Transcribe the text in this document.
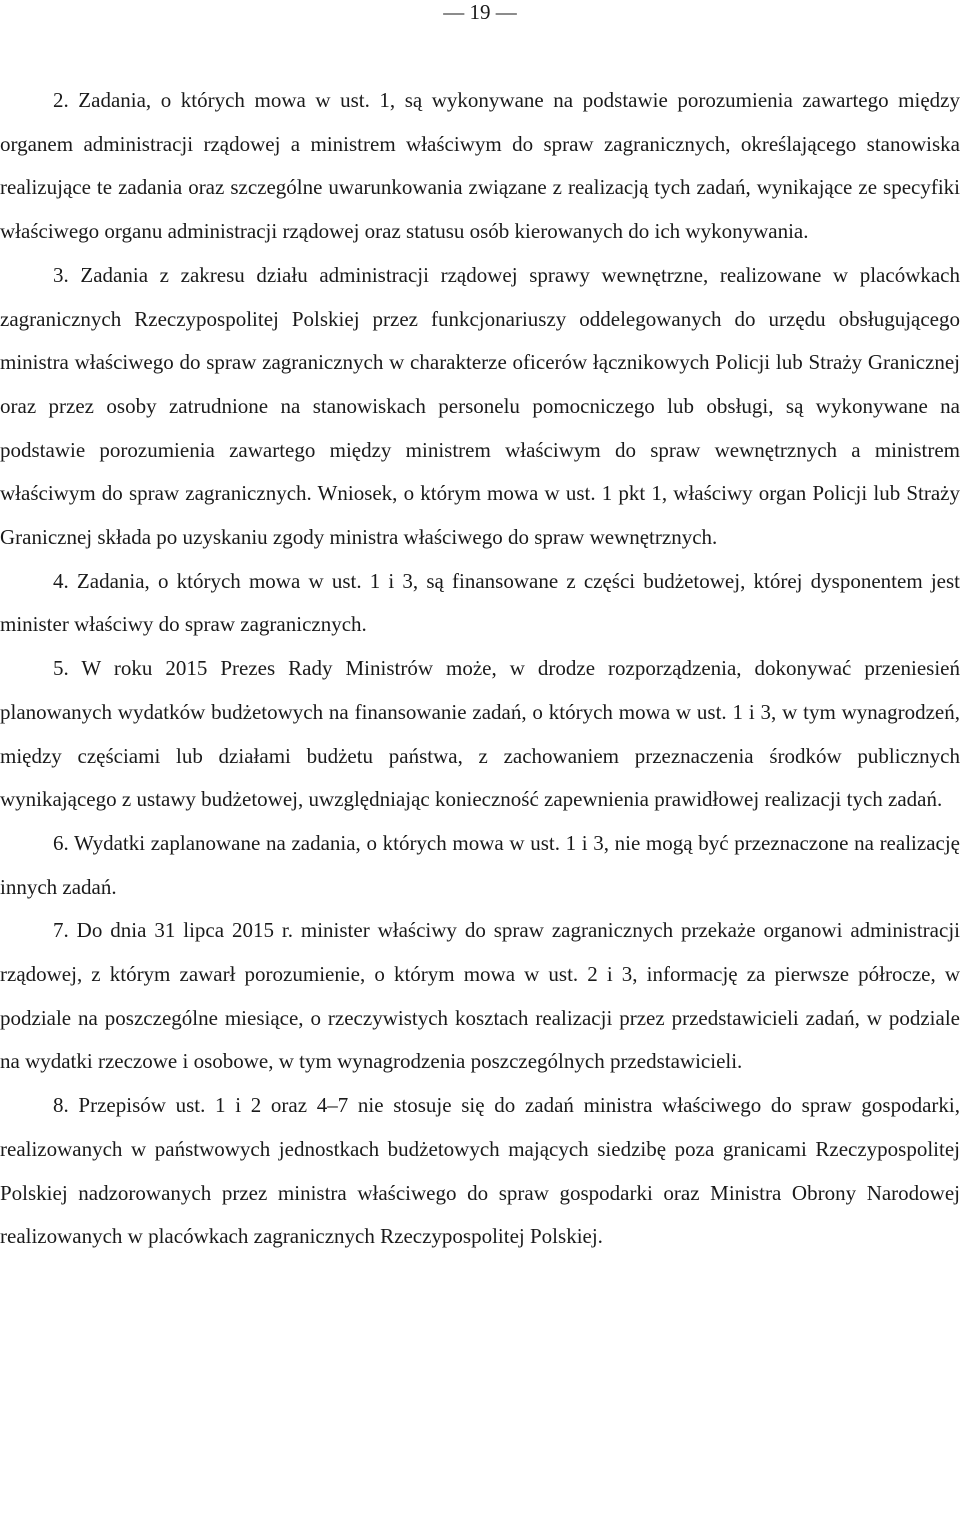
— 19 —

2. Zadania, o których mowa w ust. 1, są wykonywane na podstawie porozumienia zawartego między organem administracji rządowej a ministrem właściwym do spraw zagranicznych, określającego stanowiska realizujące te zadania oraz szczególne uwarunkowania związane z realizacją tych zadań, wynikające ze specyfiki właściwego organu administracji rządowej oraz statusu osób kierowanych do ich wykonywania.

3. Zadania z zakresu działu administracji rządowej sprawy wewnętrzne, realizowane w placówkach zagranicznych Rzeczypospolitej Polskiej przez funkcjonariuszy oddelegowanych do urzędu obsługującego ministra właściwego do spraw zagranicznych w charakterze oficerów łącznikowych Policji lub Straży Granicznej oraz przez osoby zatrudnione na stanowiskach personelu pomocniczego lub obsługi, są wykonywane na podstawie porozumienia zawartego między ministrem właściwym do spraw wewnętrznych a ministrem właściwym do spraw zagranicznych. Wniosek, o którym mowa w ust. 1 pkt 1, właściwy organ Policji lub Straży Granicznej składa po uzyskaniu zgody ministra właściwego do spraw wewnętrznych.

4. Zadania, o których mowa w ust. 1 i 3, są finansowane z części budżetowej, której dysponentem jest minister właściwy do spraw zagranicznych.

5. W roku 2015 Prezes Rady Ministrów może, w drodze rozporządzenia, dokonywać przeniesień planowanych wydatków budżetowych na finansowanie zadań, o których mowa w ust. 1 i 3, w tym wynagrodzeń, między częściami lub działami budżetu państwa, z zachowaniem przeznaczenia środków publicznych wynikającego z ustawy budżetowej, uwzględniając konieczność zapewnienia prawidłowej realizacji tych zadań.

6. Wydatki zaplanowane na zadania, o których mowa w ust. 1 i 3, nie mogą być przeznaczone na realizację innych zadań.

7. Do dnia 31 lipca 2015 r. minister właściwy do spraw zagranicznych przekaże organowi administracji rządowej, z którym zawarł porozumienie, o którym mowa w ust. 2 i 3, informację za pierwsze półrocze, w podziale na poszczególne miesiące, o rzeczywistych kosztach realizacji przez przedstawicieli zadań, w podziale na wydatki rzeczowe i osobowe, w tym wynagrodzenia poszczególnych przedstawicieli.

8. Przepisów ust. 1 i 2 oraz 4–7 nie stosuje się do zadań ministra właściwego do spraw gospodarki, realizowanych w państwowych jednostkach budżetowych mających siedzibę poza granicami Rzeczypospolitej Polskiej nadzorowanych przez ministra właściwego do spraw gospodarki oraz Ministra Obrony Narodowej realizowanych w placówkach zagranicznych Rzeczypospolitej Polskiej.
